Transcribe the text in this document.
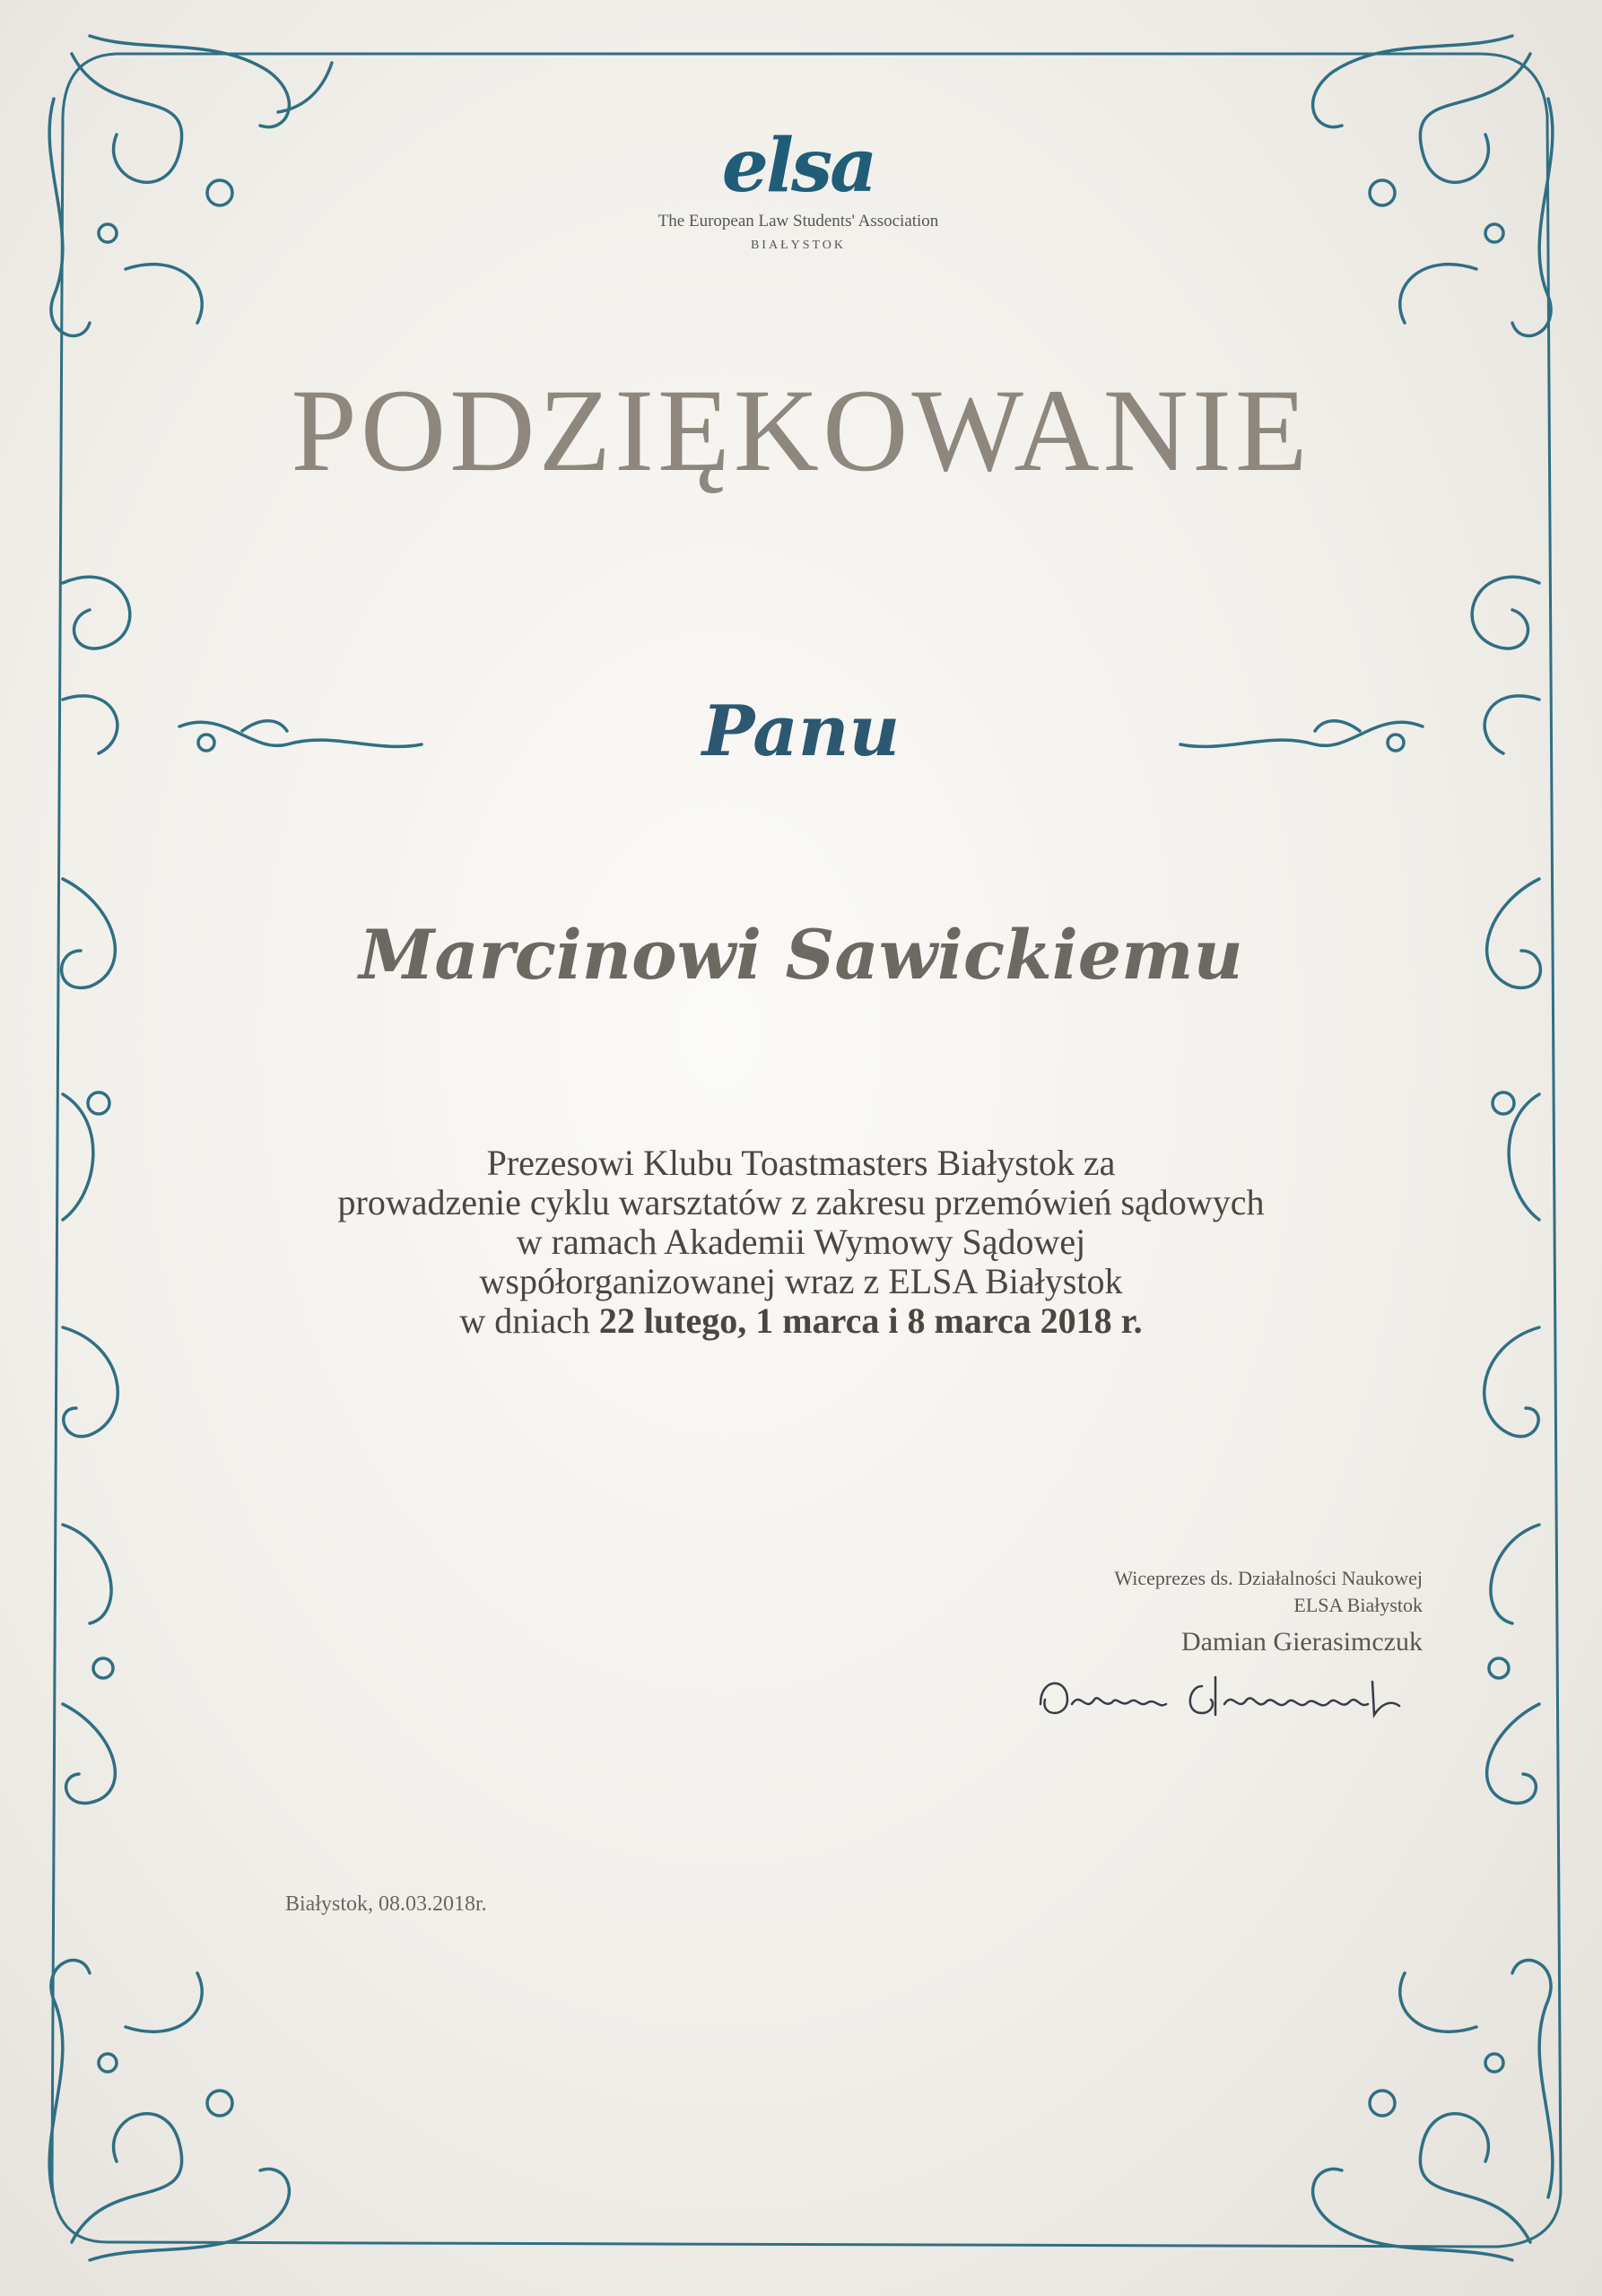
elsa
The European Law Students' Association
BIAŁYSTOK
PODZIĘKOWANIE
Panu
Marcinowi Sawickiemu
Prezesowi Klubu Toastmasters Białystok za
prowadzenie cyklu warsztatów z zakresu przemówień sądowych
w ramach Akademii Wymowy Sądowej
współorganizowanej wraz z ELSA Białystok
w dniach 22 lutego, 1 marca i 8 marca 2018 r.
Wiceprezes ds. Działalności Naukowej
ELSA Białystok
Damian Gierasimczuk
Białystok, 08.03.2018r.
